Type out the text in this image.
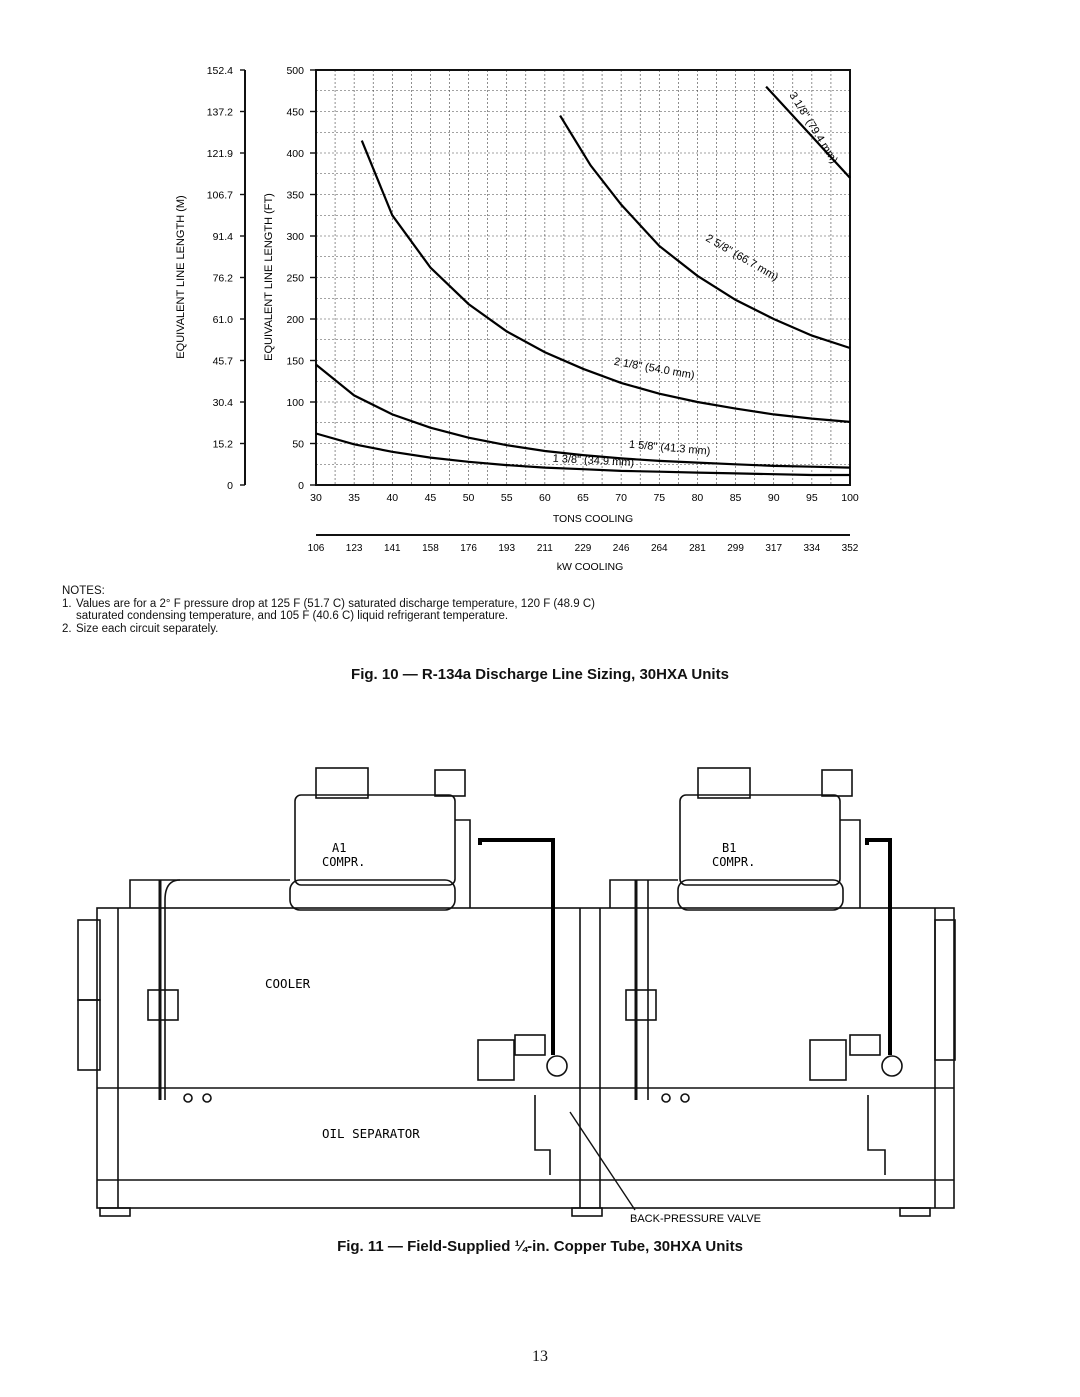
3 1/8" (79.4 mm)
2 5/8" (66.7 mm)
2 1/8" (54.0 mm)
1 5/8" (41.3 mm)
1 3/8" (34.9 mm)
30	35	40	45	50	55	60	65	70	75	80	85	90	95 100
106 123 141 158 176 193 211 229 246 264 281 299 317 334 352
0
50
100
150
200
250
300
350
400
450
500
0
15.2
30.4
45.7
61.0
76.2
91.4
106.7
121.9
137.2
152.4
EQUIVALENT LINE LENGTH (M)	EQUIVALENT LINE LENGTH (FT)
TONS COOLING
kW COOLING
NOTES:
1. Values are for a 2° F pressure drop at 125 F (51.7 C) saturated discharge temperature, 120 F (48.9 C) saturated condensing temperature, and 105 F (40.6 C) liquid refrigerant temperature.
2. Size each circuit separately.
Fig. 10 — R-134a Discharge Line Sizing, 30HXA Units
A1
COMPR.
B1
COMPR.
COOLER
OIL SEPARATOR
BACK-PRESSURE VALVE
Fig. 11 — Field-Supplied ¼-in. Copper Tube, 30HXA Units
13
